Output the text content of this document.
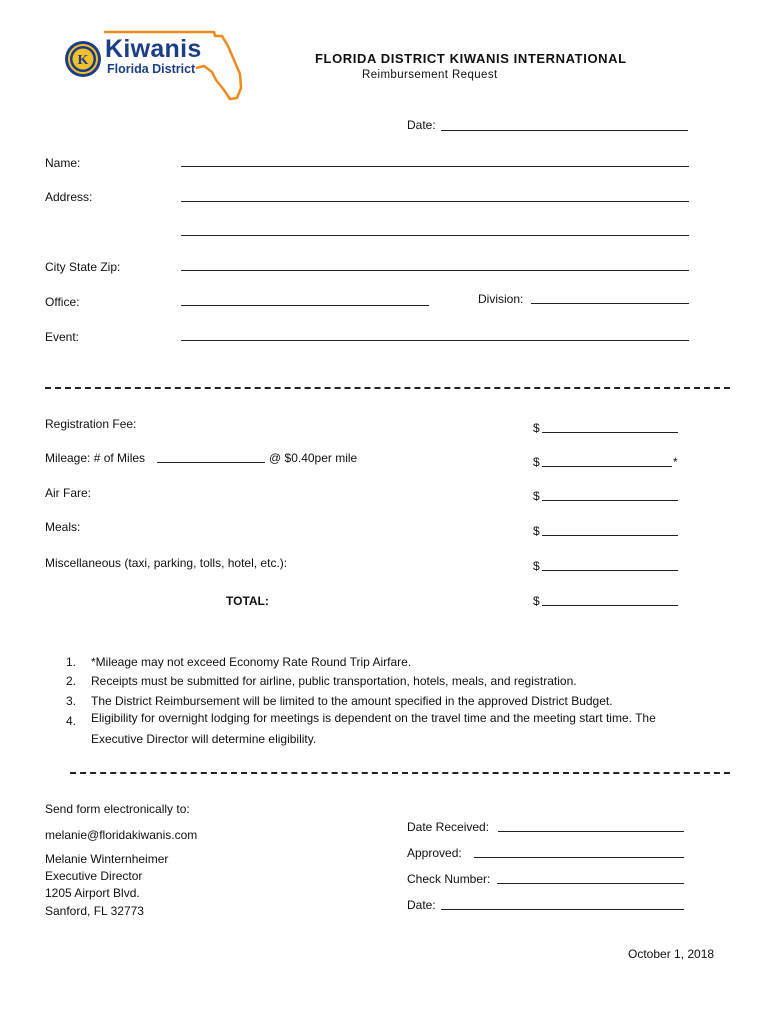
K Kiwanis
Florida District
FLORIDA DISTRICT KIWANIS INTERNATIONAL
Reimbursement Request
Date:
Name:
Address:
City State Zip:
Office:	Division:
Event:
Registration Fee:	$
Mileage: # of Miles	@ $0.40per mile	$	*
Air Fare:	$
Meals:	$
Miscellaneous (taxi, parking, tolls, hotel, etc.):	$
TOTAL:	$
1. *Mileage may not exceed Economy Rate Round Trip Airfare.
2. Receipts must be submitted for airline, public transportation, hotels, meals, and registration.
3. The District Reimbursement will be limited to the amount specified in the approved District Budget.
4. Eligibility for overnight lodging for meetings is dependent on the travel time and the meeting start time. The
Executive Director will determine eligibility.
Send form electronically to:
melanie@floridakiwanis.com
Melanie Winternheimer
Executive Director
1205 Airport Blvd.
Sanford, FL 32773
Date Received:
Approved:
Check Number:
Date:
October 1, 2018
